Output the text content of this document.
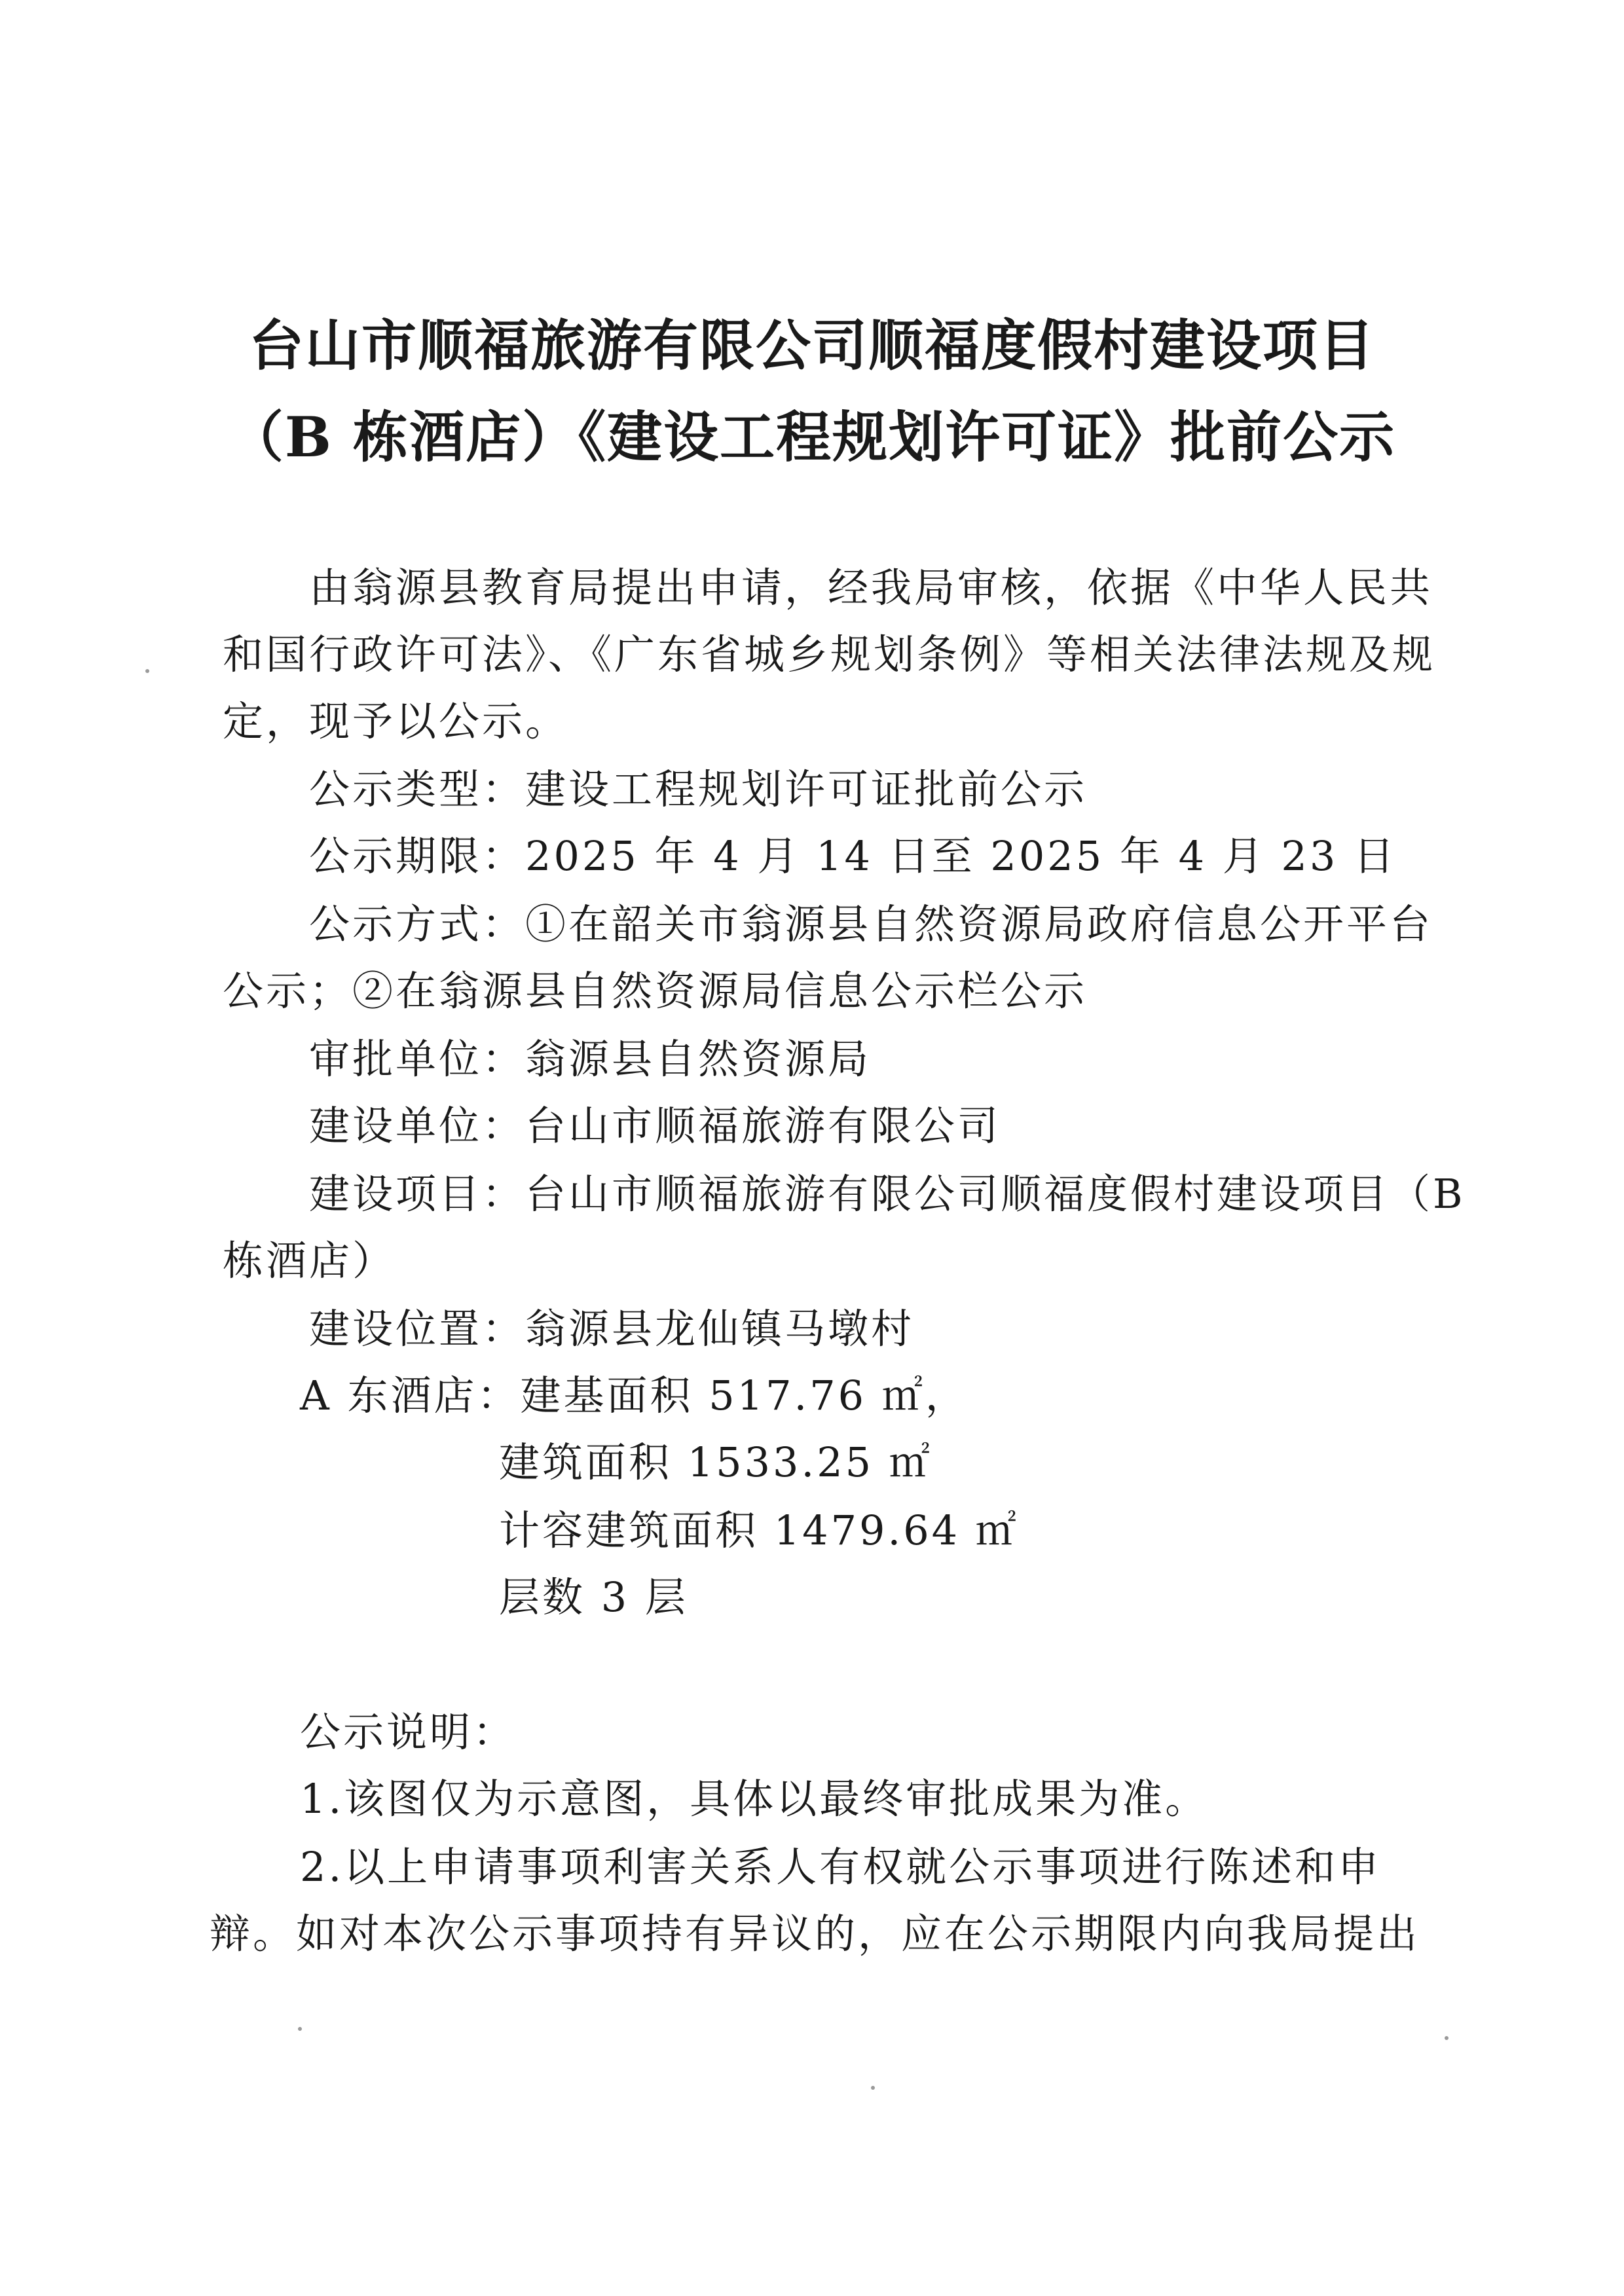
台山市顺福旅游有限公司顺福度假村建设项目
（B 栋酒店）《建设工程规划许可证》批前公示
由翁源县教育局提出申请，经我局审核，依据《中华人民共
和国行政许可法》、《广东省城乡规划条例》等相关法律法规及规
定，现予以公示。
公示类型：建设工程规划许可证批前公示
公示期限：2025 年 4 月 14 日至 2025 年 4 月 23 日
公示方式：①在韶关市翁源县自然资源局政府信息公开平台
公示；②在翁源县自然资源局信息公示栏公示
审批单位：翁源县自然资源局
建设单位：台山市顺福旅游有限公司
建设项目：台山市顺福旅游有限公司顺福度假村建设项目（B
栋酒店）
建设位置：翁源县龙仙镇马墩村
A 东酒店：建基面积 517.76 ㎡，
建筑面积 1533.25 ㎡
计容建筑面积 1479.64 ㎡
层数 3 层
公示说明：
1.该图仅为示意图，具体以最终审批成果为准。
2.以上申请事项利害关系人有权就公示事项进行陈述和申
辩。如对本次公示事项持有异议的，应在公示期限内向我局提出
